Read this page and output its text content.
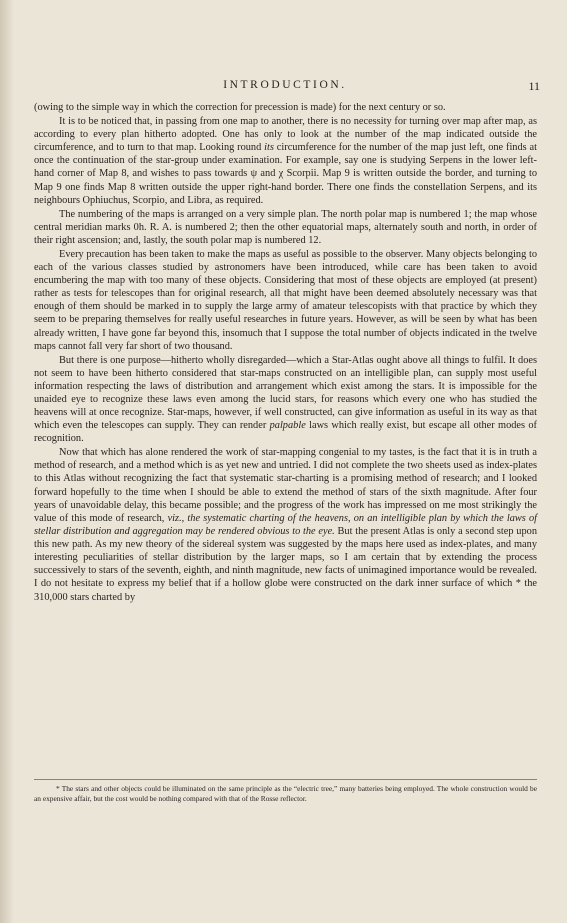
INTRODUCTION.	11

(owing to the simple way in which the correction for precession is made) for the next century or so.

It is to be noticed that, in passing from one map to another, there is no necessity for turning over map after map, as according to every plan hitherto adopted. One has only to look at the number of the map indicated outside the circumference, and to turn to that map. Looking round its circumference for the number of the map just left, one finds at once the continuation of the star-group under examination. For example, say one is studying Serpens in the lower left-hand corner of Map 8, and wishes to pass towards ψ and χ Scorpii. Map 9 is written outside the border, and turning to Map 9 one finds Map 8 written outside the upper right-hand border. There one finds the constellation Serpens, and its neighbours Ophiuchus, Scorpio, and Libra, as required.

The numbering of the maps is arranged on a very simple plan. The north polar map is numbered 1; the map whose central meridian marks 0h. R. A. is numbered 2; then the other equatorial maps, alternately south and north, in order of their right ascension; and, lastly, the south polar map is numbered 12.

Every precaution has been taken to make the maps as useful as possible to the observer. Many objects belonging to each of the various classes studied by astronomers have been introduced, while care has been taken to avoid encumbering the map with too many of these objects. Considering that most of these objects are employed (at present) rather as tests for telescopes than for original research, all that might have been deemed absolutely necessary was that enough of them should be marked in to supply the large army of amateur telescopists with that practice by which they seem to be preparing themselves for really useful researches in future years. However, as will be seen by what has been already written, I have gone far beyond this, insomuch that I suppose the total number of objects indicated in the twelve maps cannot fall very far short of two thousand.

But there is one purpose—hitherto wholly disregarded—which a Star-Atlas ought above all things to fulfil. It does not seem to have been hitherto considered that star-maps constructed on an intelligible plan, can supply most useful information respecting the laws of distribution and arrangement which exist among the stars. It is impossible for the unaided eye to recognize these laws even among the lucid stars, for reasons which every one who has studied the heavens will at once recognize. Star-maps, however, if well constructed, can give information as useful in its way as that which even the telescopes can supply. They can render palpable laws which really exist, but escape all other modes of recognition.

Now that which has alone rendered the work of star-mapping congenial to my tastes, is the fact that it is in truth a method of research, and a method which is as yet new and untried. I did not complete the two sheets used as index-plates to this Atlas without recognizing the fact that systematic star-charting is a promising method of research; and I looked forward hopefully to the time when I should be able to extend the method of stars of the sixth magnitude. After four years of unavoidable delay, this became possible; and the progress of the work has impressed on me most strikingly the value of this mode of research, viz., the systematic charting of the heavens, on an intelligible plan by which the laws of stellar distribution and aggregation may be rendered obvious to the eye. But the present Atlas is only a second step upon this new path. As my new theory of the sidereal system was suggested by the maps here used as index-plates, and many interesting peculiarities of stellar distribution by the larger maps, so I am certain that by extending the process successively to stars of the seventh, eighth, and ninth magnitude, new facts of unimagined importance would be revealed. I do not hesitate to express my belief that if a hollow globe were constructed on the dark inner surface of which * the 310,000 stars charted by

* The stars and other objects could be illuminated on the same principle as the “electric tree,” many batteries being employed. The whole construction would be an expensive affair, but the cost would be nothing compared with that of the Rosse reflector.
